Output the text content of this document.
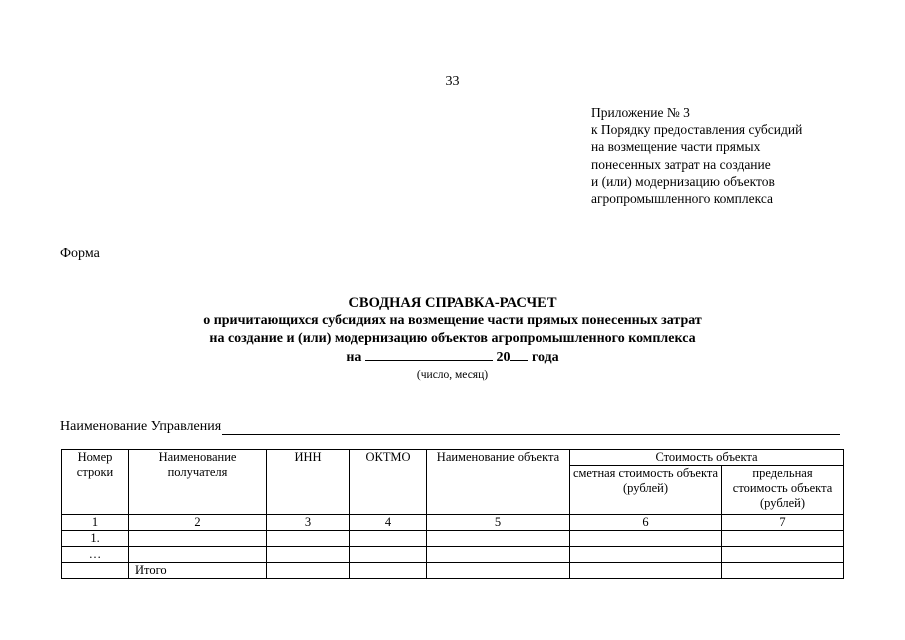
33
Приложение № 3
к Порядку предоставления субсидий
на возмещение части прямых
понесенных затрат на создание
и (или) модернизацию объектов
агропромышленного комплекса
Форма
СВОДНАЯ СПРАВКА-РАСЧЕТ
о причитающихся субсидиях на возмещение части прямых понесенных затрат
на создание и (или) модернизацию объектов агропромышленного комплекса
на	20 года
(число, месяц)
Наименование Управления
Номер строки	Наименование получателя	ИНН	ОКТМО	Наименование объекта	Стоимость объекта	
					сметная стоимость объекта (рублей)	предельная стоимость объекта (рублей)
1	2	3	4	5	6	7
1.						
…						
	Итого					
